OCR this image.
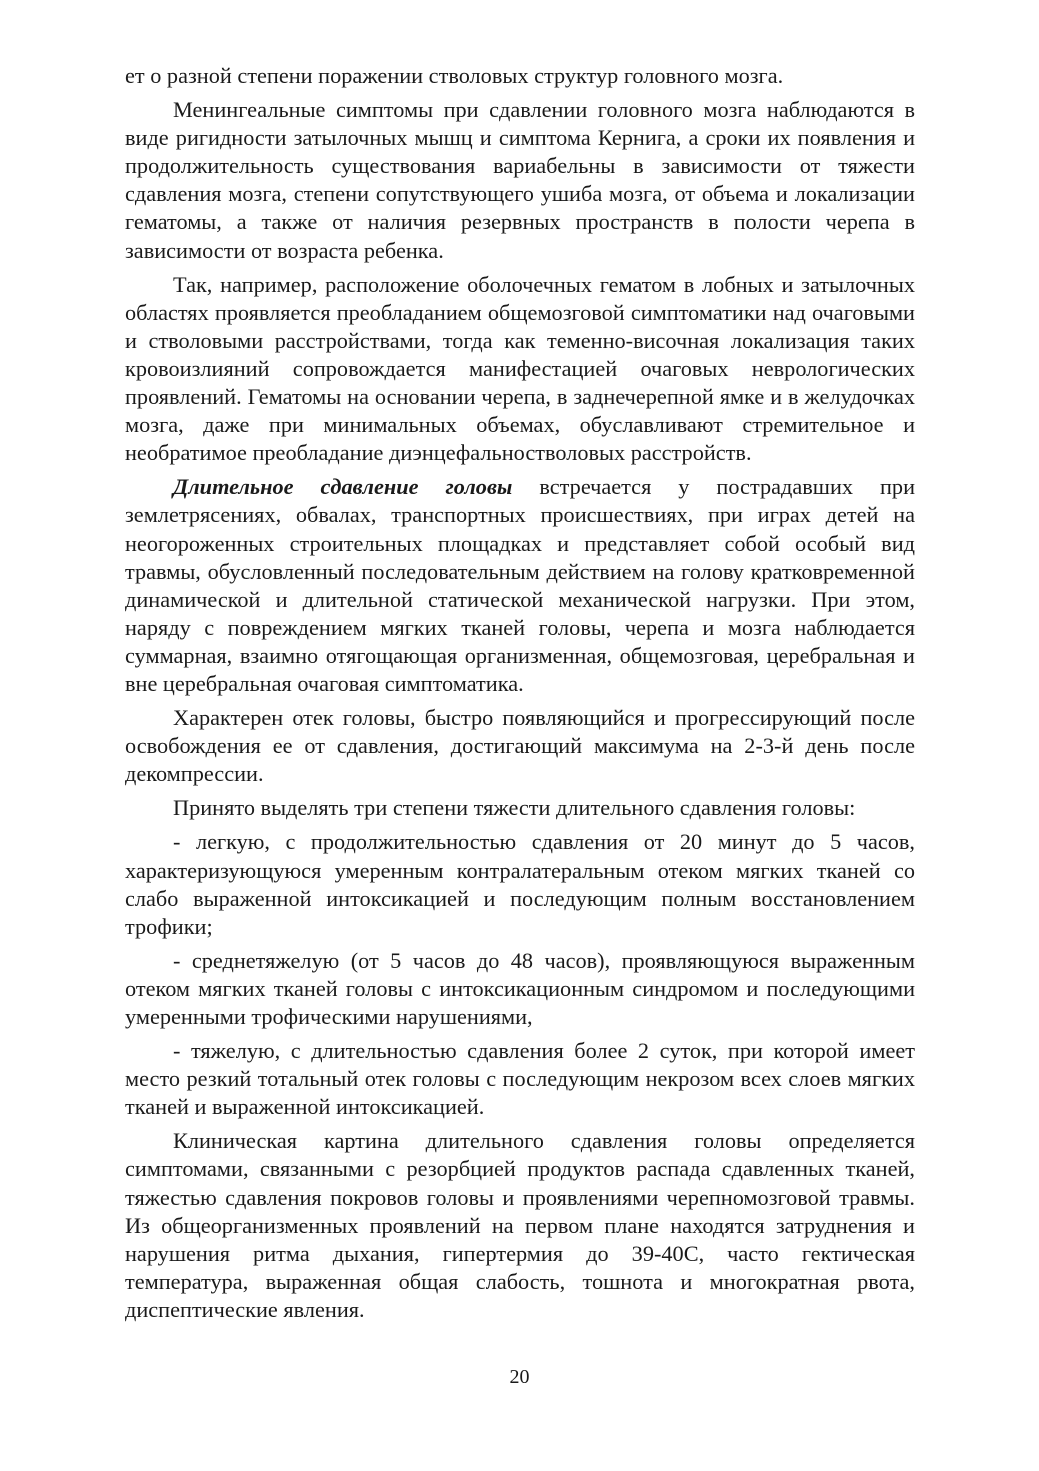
ет о разной степени поражении стволовых структур головного мозга.

Менингеальные симптомы при сдавлении головного мозга наблюдаются в виде ригидности затылочных мышц и симптома Кернига, а сроки их появления и продолжительность существования вариабельны в зависимости от тяжести сдавления мозга, степени сопутствующего ушиба мозга, от объема и локализации гематомы, а также от наличия резервных пространств в полости черепа в зависимости от возраста ребенка.

Так, например, расположение оболочечных гематом в лобных и затылочных областях проявляется преобладанием общемозговой симптоматики над очаговыми и стволовыми расстройствами, тогда как теменно-височная локализация таких кровоизлияний сопровождается манифестацией очаговых неврологических проявлений. Гематомы на основании черепа, в заднечерепной ямке и в желудочках мозга, даже при минимальных объемах, обуславливают стремительное и необратимое преобладание диэнцефальностволовых расстройств.

Длительное сдавление головы встречается у пострадавших при землетрясениях, обвалах, транспортных происшествиях, при играх детей на неогороженных строительных площадках и представляет собой особый вид травмы, обусловленный последовательным действием на голову кратковременной динамической и длительной статической механической нагрузки. При этом, наряду с повреждением мягких тканей головы, черепа и мозга наблюдается суммарная, взаимно отягощающая организменная, общемозговая, церебральная и вне церебральная очаговая симптоматика.

Характерен отек головы, быстро появляющийся и прогрессирующий после освобождения ее от сдавления, достигающий максимума на 2-3-й день после декомпрессии.

Принято выделять три степени тяжести длительного сдавления головы:

- легкую, с продолжительностью сдавления от 20 минут до 5 часов, характеризующуюся умеренным контралатеральным отеком мягких тканей со слабо выраженной интоксикацией и последующим полным восстановлением трофики;

- среднетяжелую (от 5 часов до 48 часов), проявляющуюся выраженным отеком мягких тканей головы с интоксикационным синдромом и последующими умеренными трофическими нарушениями,

- тяжелую, с длительностью сдавления более 2 суток, при которой имеет место резкий тотальный отек головы с последующим некрозом всех слоев мягких тканей и выраженной интоксикацией.

Клиническая картина длительного сдавления головы определяется симптомами, связанными с резорбцией продуктов распада сдавленных тканей, тяжестью сдавления покровов головы и проявлениями черепномозговой травмы. Из общеорганизменных проявлений на первом плане находятся затруднения и нарушения ритма дыхания, гипертермия до 39-40С, часто гектическая температура, выраженная общая слабость, тошнота и многократная рвота, диспептические явления.

20
